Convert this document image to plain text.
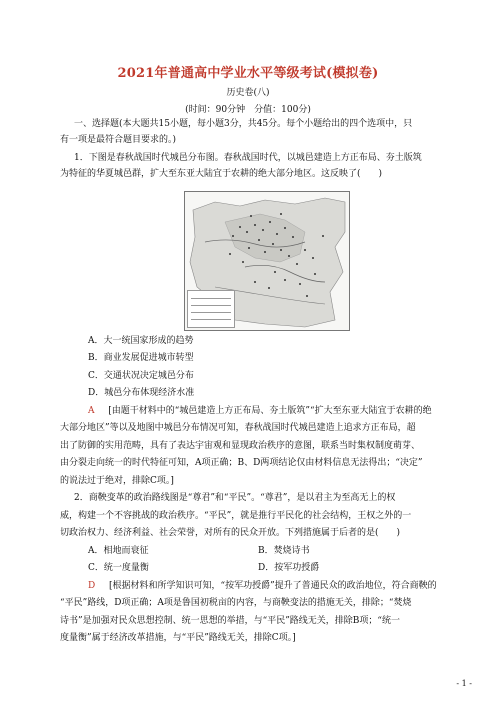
2021年普通高中学业水平等级考试(模拟卷)
历史卷(八)
(时间：90分钟　分值：100分)
一、选择题(本大题共15小题，每小题3分，共45分。每个小题给出的四个选项中，只
有一项是最符合题目要求的。)
1．下图是春秋战国时代城邑分布图。春秋战国时代，以城邑建造上方正布局、夯土版筑
为特征的华夏城邑群，扩大至东亚大陆宜于农耕的绝大部分地区。这反映了(　　)
A．大一统国家形成的趋势
B．商业发展促进城市转型
C．交通状况决定城邑分布
D．城邑分布体现经济水准
A [由题干材料中的“城邑建造上方正布局、夯土版筑”“扩大至东亚大陆宜于农耕的绝
大部分地区”等以及地图中城邑分布情况可知，春秋战国时代城邑建造上追求方正布局，超
出了防御的实用范畴，具有了表达宇宙观和显现政治秩序的意图，联系当时集权制度萌芽、
由分裂走向统一的时代特征可知，A项正确；B、D两项结论仅由材料信息无法得出；“决定”
的说法过于绝对，排除C项。]
2．商鞅变革的政治路线图是“尊君”和“平民”。“尊君”，是以君主为至高无上的权
威，构建一个不容挑战的政治秩序。“平民”，就是推行平民化的社会结构，王权之外的一
切政治权力、经济利益、社会荣誉，对所有的民众开放。下列措施属于后者的是(　　)
A．相地而衰征	B．焚烧诗书
C．统一度量衡	D．按军功授爵
D [根据材料和所学知识可知，“按军功授爵”提升了普通民众的政治地位，符合商鞅的
“平民”路线，D项正确；A项是鲁国初税亩的内容，与商鞅变法的措施无关，排除；“焚烧
诗书”是加强对民众思想控制、统一思想的举措，与“平民”路线无关，排除B项；“统一
度量衡”属于经济改革措施，与“平民”路线无关，排除C项。]
- 1 -
